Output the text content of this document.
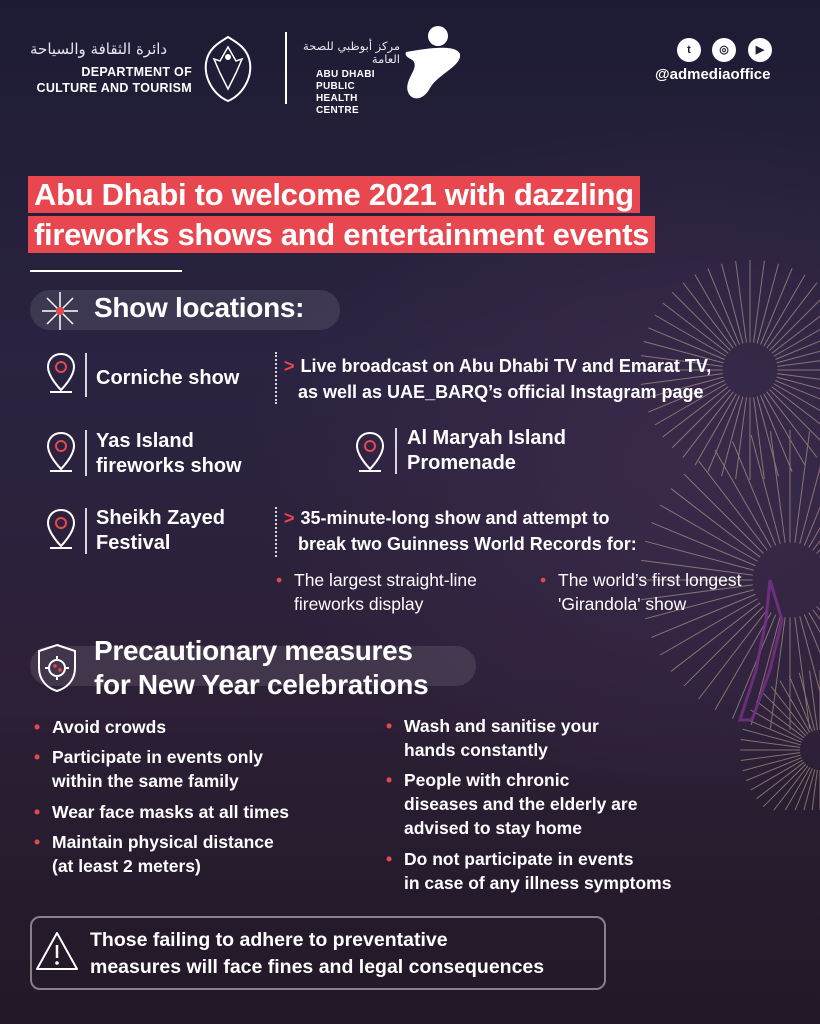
دائرة الثقافة والسياحة
DEPARTMENT OF CULTURE AND TOURISM
مركز أبوظبي للصحة العامة
ABU DHABI PUBLIC HEALTH CENTRE
t	◎	▶
@admediaoffice
Abu Dhabi to welcome 2021 with dazzling
fireworks shows and entertainment events
Show locations:
Corniche show
> Live broadcast on Abu Dhabi TV and Emarat TV,
as well as UAE_BARQ’s official Instagram page
Yas Island
fireworks show
Al Maryah Island
Promenade
Sheikh Zayed
Festival
> 35-minute-long show and attempt to
break two Guinness World Records for:
• The largest straight-line
fireworks display
• The world’s first longest
'Girandola' show
Precautionary measures
for New Year celebrations
• Avoid crowds
• Participate in events only
within the same family
• Wear face masks at all times
• Maintain physical distance
(at least 2 meters)
• Wash and sanitise your
hands constantly
• People with chronic
diseases and the elderly are
advised to stay home
• Do not participate in events
in case of any illness symptoms
Those failing to adhere to preventative
measures will face fines and legal consequences
